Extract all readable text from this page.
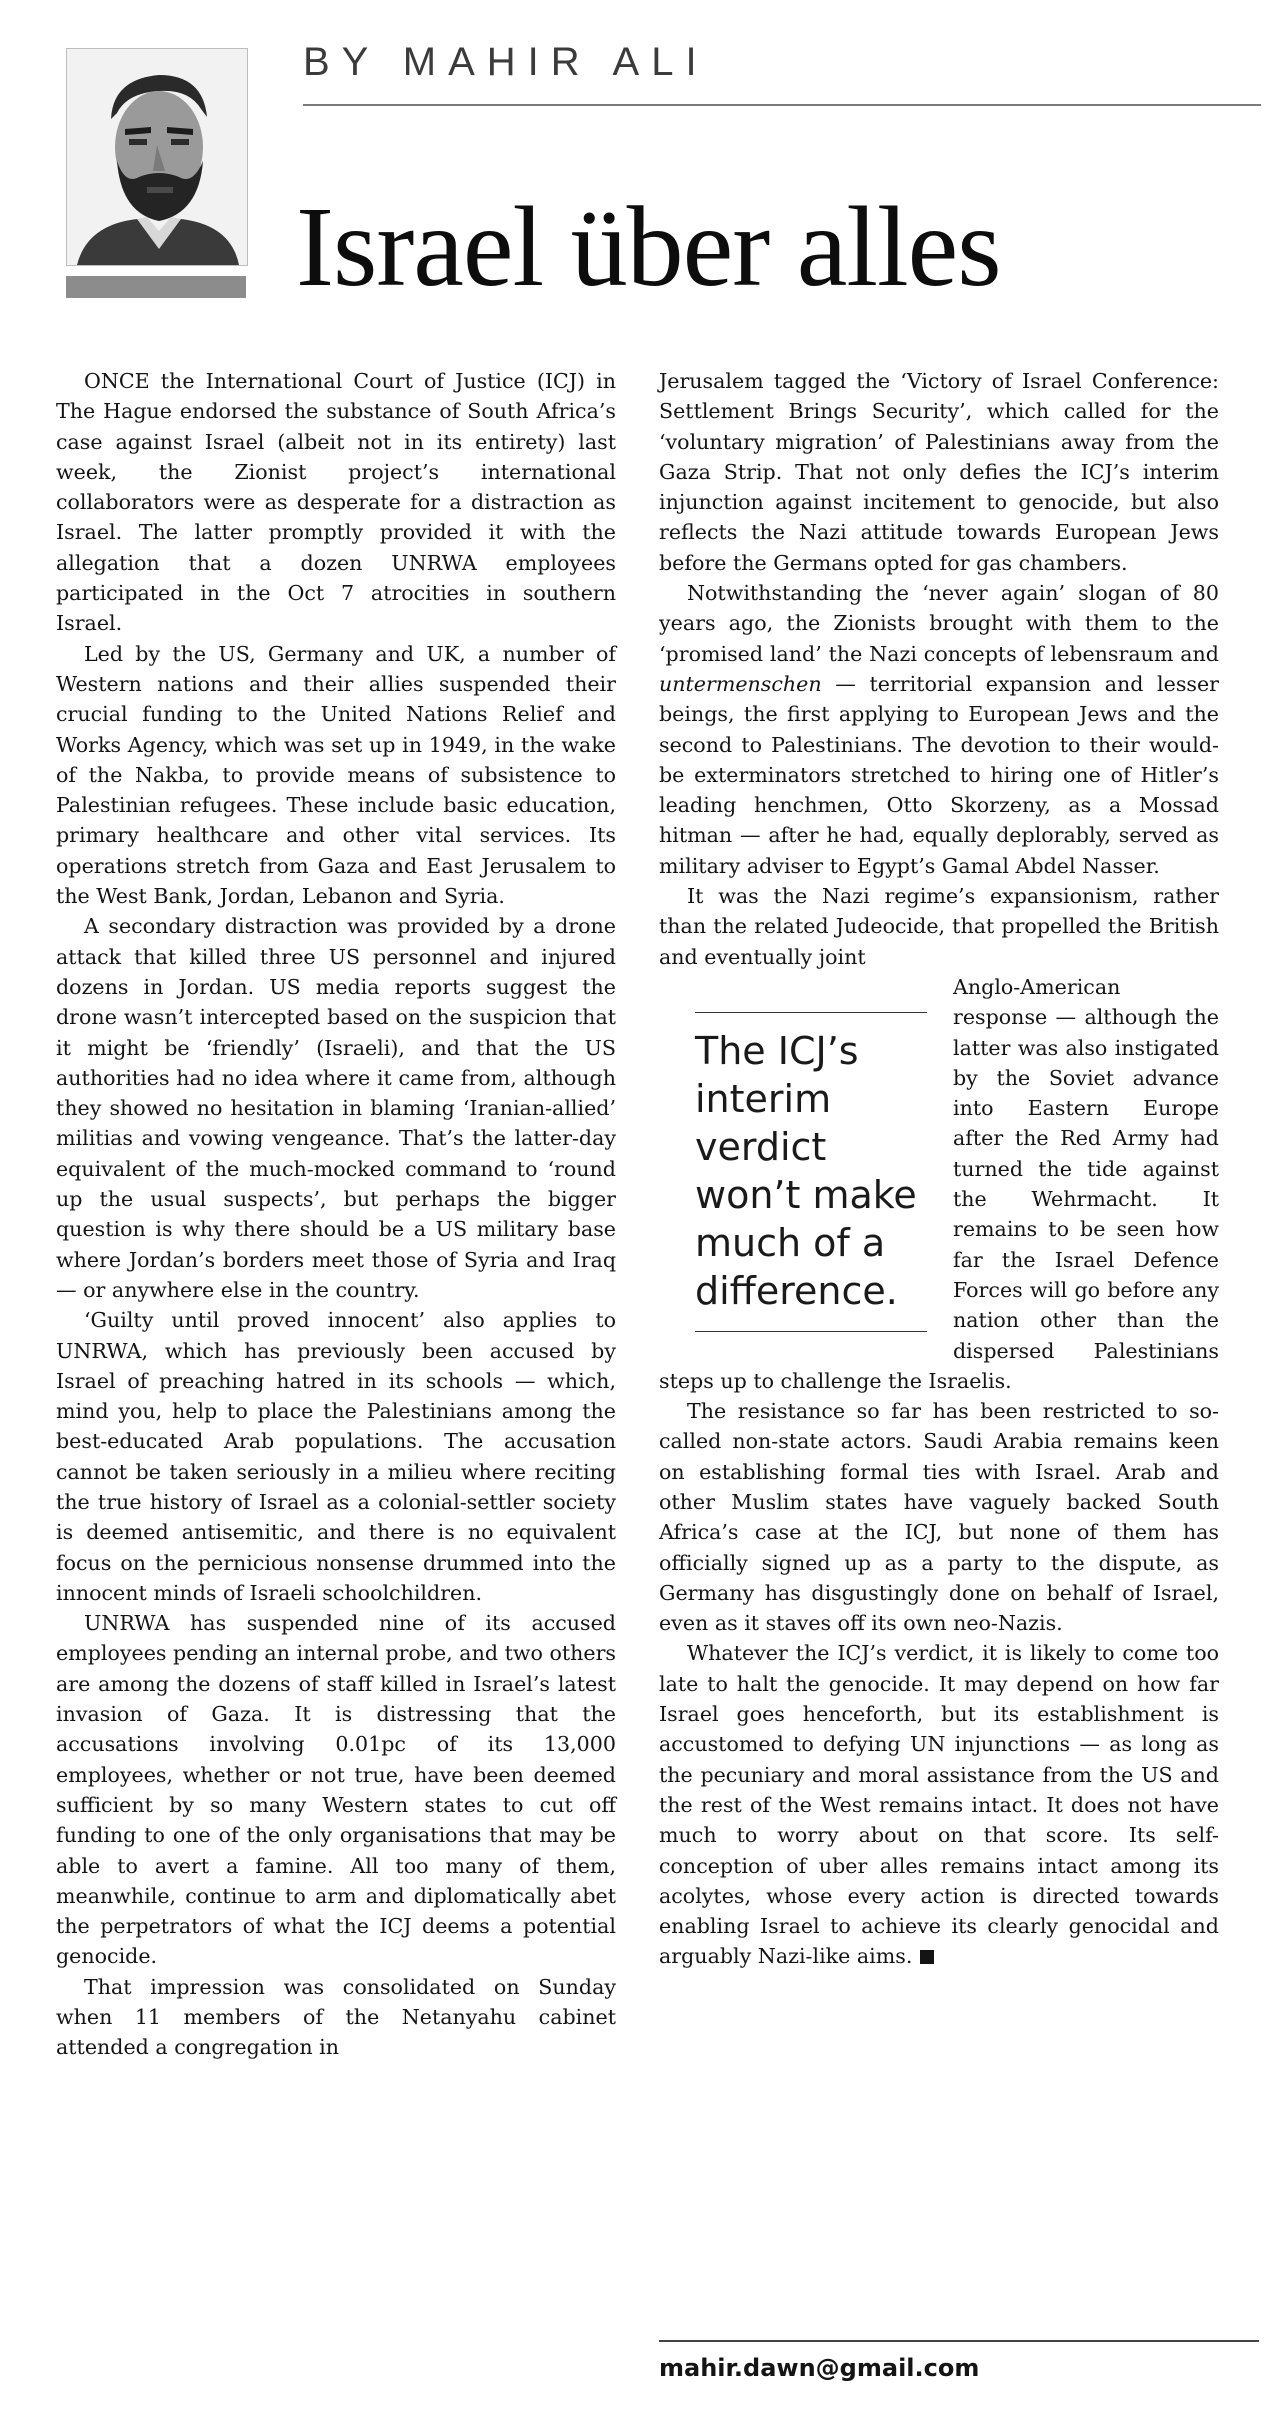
BY MAHIR ALI
Israel über alles

ONCE the International Court of Justice (ICJ) in The Hague endorsed the substance of South Africa’s case against Israel (albeit not in its entirety) last week, the Zionist project’s international collaborators were as desperate for a distraction as Israel. The latter promptly provided it with the allegation that a dozen UNRWA employees participated in the Oct 7 atrocities in southern Israel.

Led by the US, Germany and UK, a number of Western nations and their allies suspended their crucial funding to the United Nations Relief and Works Agency, which was set up in 1949, in the wake of the Nakba, to provide means of subsistence to Palestinian refugees. These include basic education, primary healthcare and other vital services. Its operations stretch from Gaza and East Jerusalem to the West Bank, Jordan, Lebanon and Syria.

A secondary distraction was provided by a drone attack that killed three US personnel and injured dozens in Jordan. US media reports suggest the drone wasn’t intercepted based on the suspicion that it might be ‘friendly’ (Israeli), and that the US authorities had no idea where it came from, although they showed no hesitation in blaming ‘Iranian-allied’ militias and vowing vengeance. That’s the latter-day equivalent of the much-mocked command to ‘round up the usual suspects’, but perhaps the bigger question is why there should be a US military base where Jordan’s borders meet those of Syria and Iraq — or anywhere else in the country.

‘Guilty until proved innocent’ also applies to UNRWA, which has previously been accused by Israel of preaching hatred in its schools — which, mind you, help to place the Palestinians among the best-educated Arab populations. The accusation cannot be taken seriously in a milieu where reciting the true history of Israel as a colonial-settler society is deemed antisemitic, and there is no equivalent focus on the pernicious nonsense drummed into the innocent minds of Israeli schoolchildren.

UNRWA has suspended nine of its accused employees pending an internal probe, and two others are among the dozens of staff killed in Israel’s latest invasion of Gaza. It is distressing that the accusations involving 0.01pc of its 13,000 employees, whether or not true, have been deemed sufficient by so many Western states to cut off funding to one of the only organisations that may be able to avert a famine. All too many of them, meanwhile, continue to arm and diplomatically abet the perpetrators of what the ICJ deems a potential genocide.

That impression was consolidated on Sunday when 11 members of the Netanyahu cabinet attended a congregation in

Jerusalem tagged the ‘Victory of Israel Conference: Settlement Brings Security’, which called for the ‘voluntary migration’ of Palestinians away from the Gaza Strip. That not only defies the ICJ’s interim injunction against incitement to genocide, but also reflects the Nazi attitude towards European Jews before the Germans opted for gas chambers.

Notwithstanding the ‘never again’ slogan of 80 years ago, the Zionists brought with them to the ‘promised land’ the Nazi concepts of lebensraum and untermenschen — territorial expansion and lesser beings, the first applying to European Jews and the second to Palestinians. The devotion to their would-be exterminators stretched to hiring one of Hitler’s leading henchmen, Otto Skorzeny, as a Mossad hitman — after he had, equally deplorably, served as military adviser to Egypt’s Gamal Abdel Nasser.

It was the Nazi regime’s expansionism, rather than the related Judeocide, that propelled the British and eventually joint

The ICJ’s interim verdict won’t make much of a difference.

Anglo-American response — although the latter was also instigated by the Soviet advance into Eastern Europe after the Red Army had turned the tide against the Wehrmacht. It remains to be seen how far the Israel Defence Forces will go before any nation other than the dispersed Palestinians steps up to challenge the Israelis.

The resistance so far has been restricted to so-called non-state actors. Saudi Arabia remains keen on establishing formal ties with Israel. Arab and other Muslim states have vaguely backed South Africa’s case at the ICJ, but none of them has officially signed up as a party to the dispute, as Germany has disgustingly done on behalf of Israel, even as it staves off its own neo-Nazis.

Whatever the ICJ’s verdict, it is likely to come too late to halt the genocide. It may depend on how far Israel goes henceforth, but its establishment is accustomed to defying UN injunctions — as long as the pecuniary and moral assistance from the US and the rest of the West remains intact. It does not have much to worry about on that score. Its self-conception of uber alles remains intact among its acolytes, whose every action is directed towards enabling Israel to achieve its clearly genocidal and arguably Nazi-like aims.

mahir.dawn@gmail.com
